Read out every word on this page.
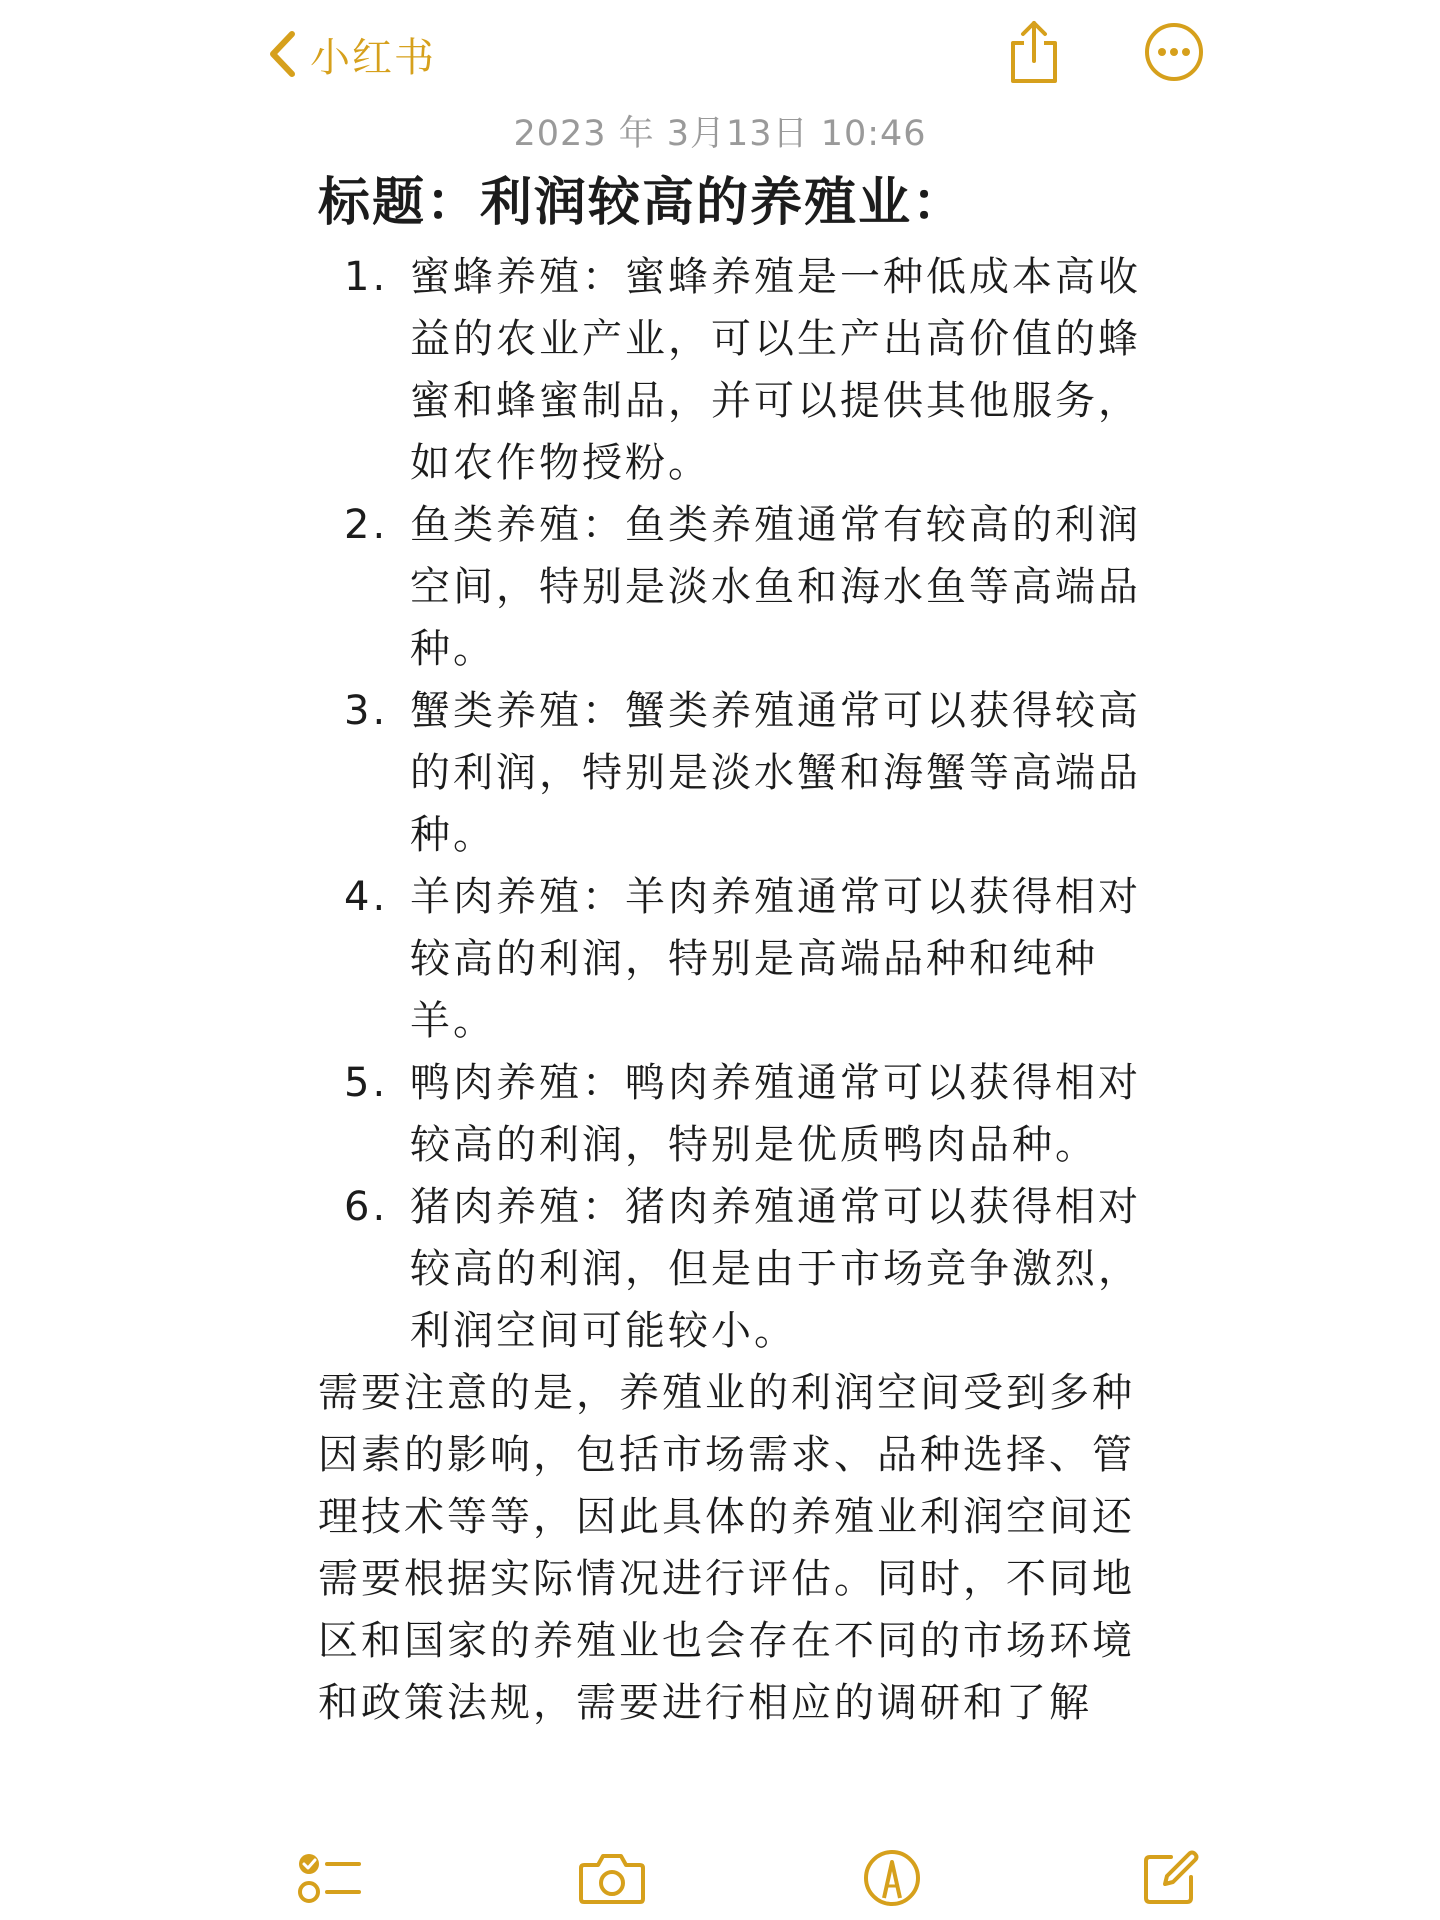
小红书
2023 年 3月13日 10:46
标题：利润较高的养殖业：
1. 蜜蜂养殖：蜜蜂养殖是一种低成本高收益的农业产业，可以生产出高价值的蜂蜜和蜂蜜制品，并可以提供其他服务，如农作物授粉。
2. 鱼类养殖：鱼类养殖通常有较高的利润空间，特别是淡水鱼和海水鱼等高端品种。
3. 蟹类养殖：蟹类养殖通常可以获得较高的利润，特别是淡水蟹和海蟹等高端品种。
4. 羊肉养殖：羊肉养殖通常可以获得相对较高的利润，特别是高端品种和纯种羊。
5. 鸭肉养殖：鸭肉养殖通常可以获得相对较高的利润，特别是优质鸭肉品种。
6. 猪肉养殖：猪肉养殖通常可以获得相对较高的利润，但是由于市场竞争激烈，利润空间可能较小。

需要注意的是，养殖业的利润空间受到多种因素的影响，包括市场需求、品种选择、管理技术等等，因此具体的养殖业利润空间还需要根据实际情况进行评估。同时，不同地区和国家的养殖业也会存在不同的市场环境和政策法规，需要进行相应的调研和了解
